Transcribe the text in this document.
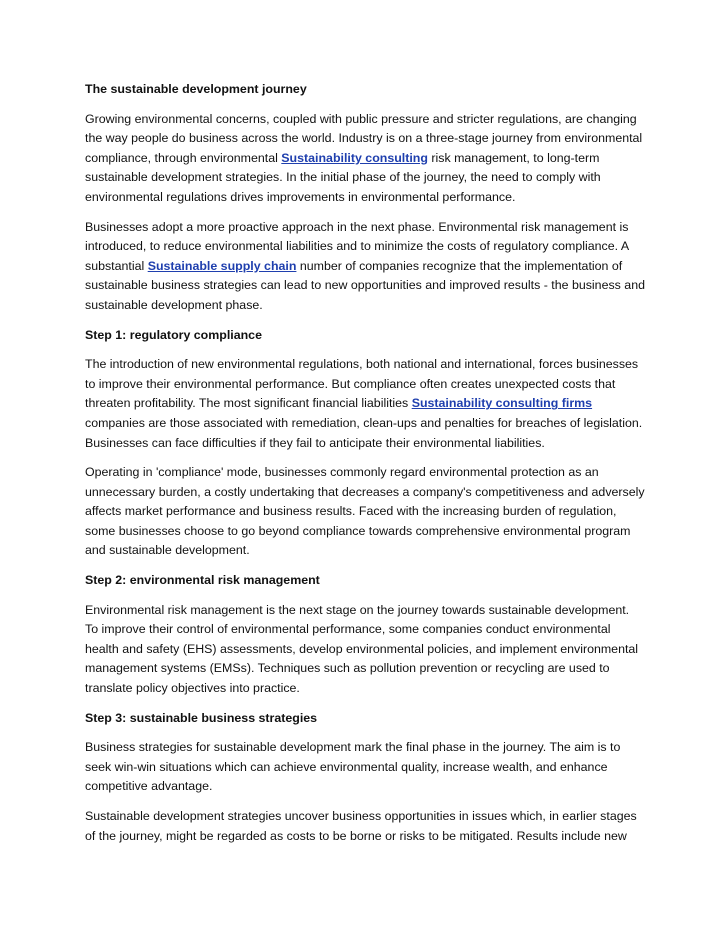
The sustainable development journey

Growing environmental concerns, coupled with public pressure and stricter regulations, are changing the way people do business across the world. Industry is on a three-stage journey from environmental compliance, through environmental Sustainability consulting risk management, to long-term sustainable development strategies. In the initial phase of the journey, the need to comply with environmental regulations drives improvements in environmental performance.

Businesses adopt a more proactive approach in the next phase. Environmental risk management is introduced, to reduce environmental liabilities and to minimize the costs of regulatory compliance. A substantial Sustainable supply chain number of companies recognize that the implementation of sustainable business strategies can lead to new opportunities and improved results - the business and sustainable development phase.

Step 1: regulatory compliance

The introduction of new environmental regulations, both national and international, forces businesses to improve their environmental performance. But compliance often creates unexpected costs that threaten profitability. The most significant financial liabilities Sustainability consulting firms companies are those associated with remediation, clean-ups and penalties for breaches of legislation. Businesses can face difficulties if they fail to anticipate their environmental liabilities.

Operating in 'compliance' mode, businesses commonly regard environmental protection as an unnecessary burden, a costly undertaking that decreases a company's competitiveness and adversely affects market performance and business results. Faced with the increasing burden of regulation, some businesses choose to go beyond compliance towards comprehensive environmental program and sustainable development.

Step 2: environmental risk management

Environmental risk management is the next stage on the journey towards sustainable development. To improve their control of environmental performance, some companies conduct environmental health and safety (EHS) assessments, develop environmental policies, and implement environmental management systems (EMSs). Techniques such as pollution prevention or recycling are used to translate policy objectives into practice.

Step 3: sustainable business strategies

Business strategies for sustainable development mark the final phase in the journey. The aim is to seek win-win situations which can achieve environmental quality, increase wealth, and enhance competitive advantage.

Sustainable development strategies uncover business opportunities in issues which, in earlier stages of the journey, might be regarded as costs to be borne or risks to be mitigated. Results include new
